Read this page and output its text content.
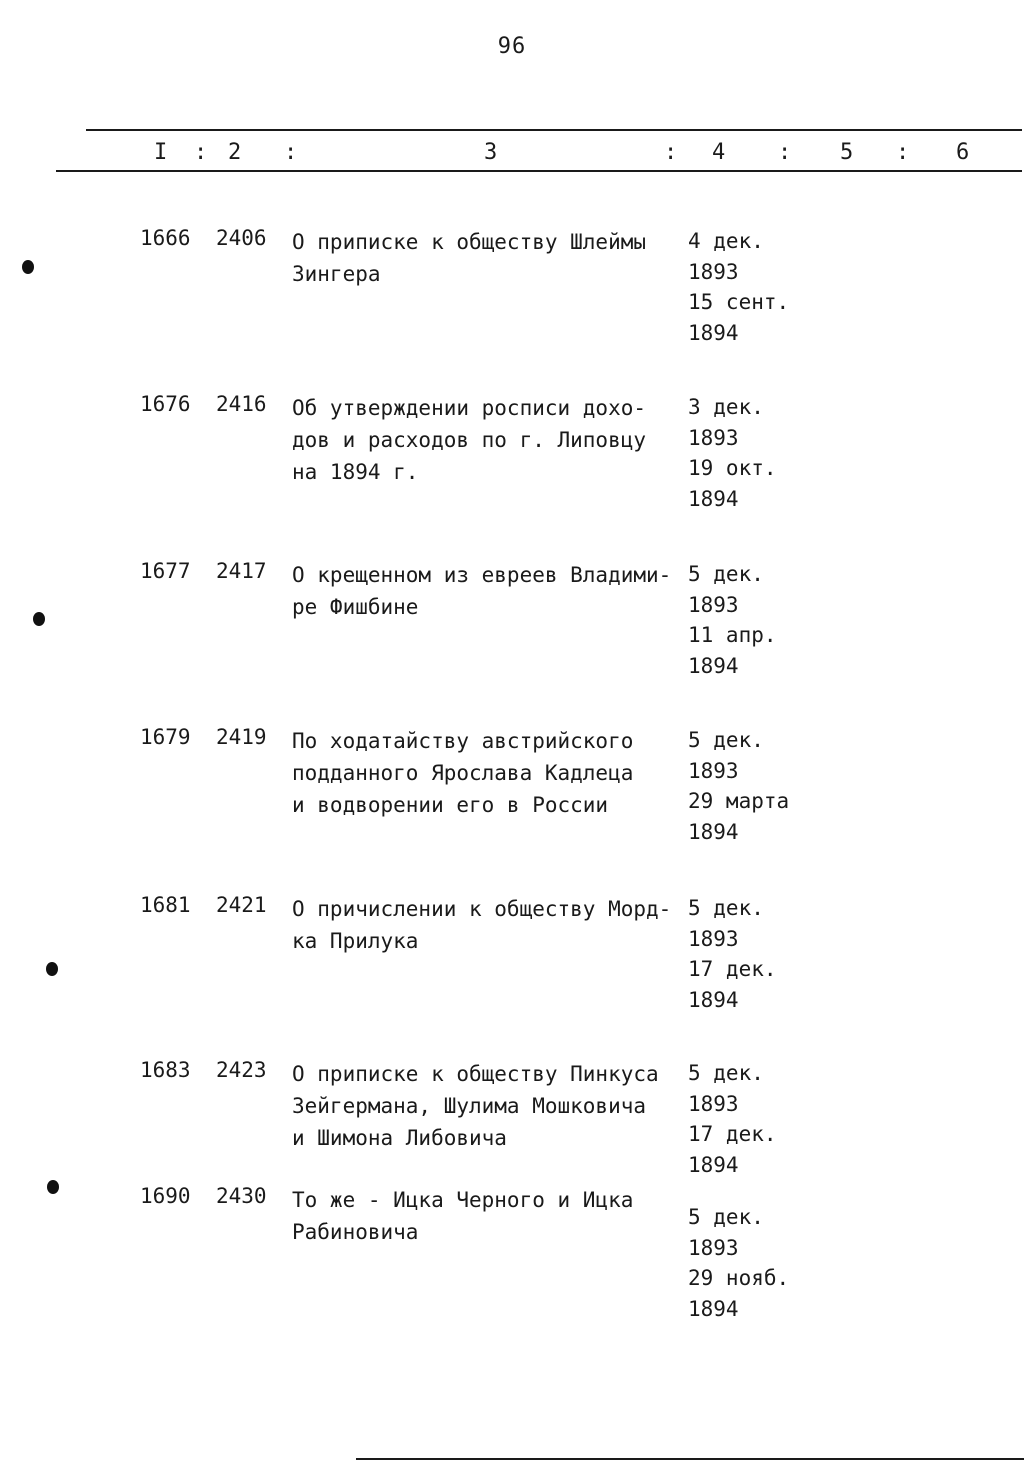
96
I : 2 :	3	: 4 : 5 : 6
1666 2406 О приписке к обществу Шлеймы
Зингера
4 дек.
1893
15 сент.
1894
1676 2416 Об утверждении росписи дохо-
дов и расходов по г. Липовцу
на 1894 г.
3 дек.
1893
19 окт.
1894
1677 2417 О крещенном из евреев Владими-
ре Фишбине
5 дек.
1893
11 апр.
1894
1679 2419 По ходатайству австрийского
подданного Ярослава Кадлеца
и водворении его в России
5 дек.
1893
29 марта
1894
1681 2421 О причислении к обществу Морд-
ка Прилука
5 дек.
1893
17 дек.
1894
1683 2423 О приписке к обществу Пинкуса
Зейгермана, Шулима Мошковича
и Шимона Либовича
5 дек.
1893
17 дек.
1894
1690 2430 То же - Ицка Черного и Ицка
Рабиновича
5 дек.
1893
29 нояб.
1894
